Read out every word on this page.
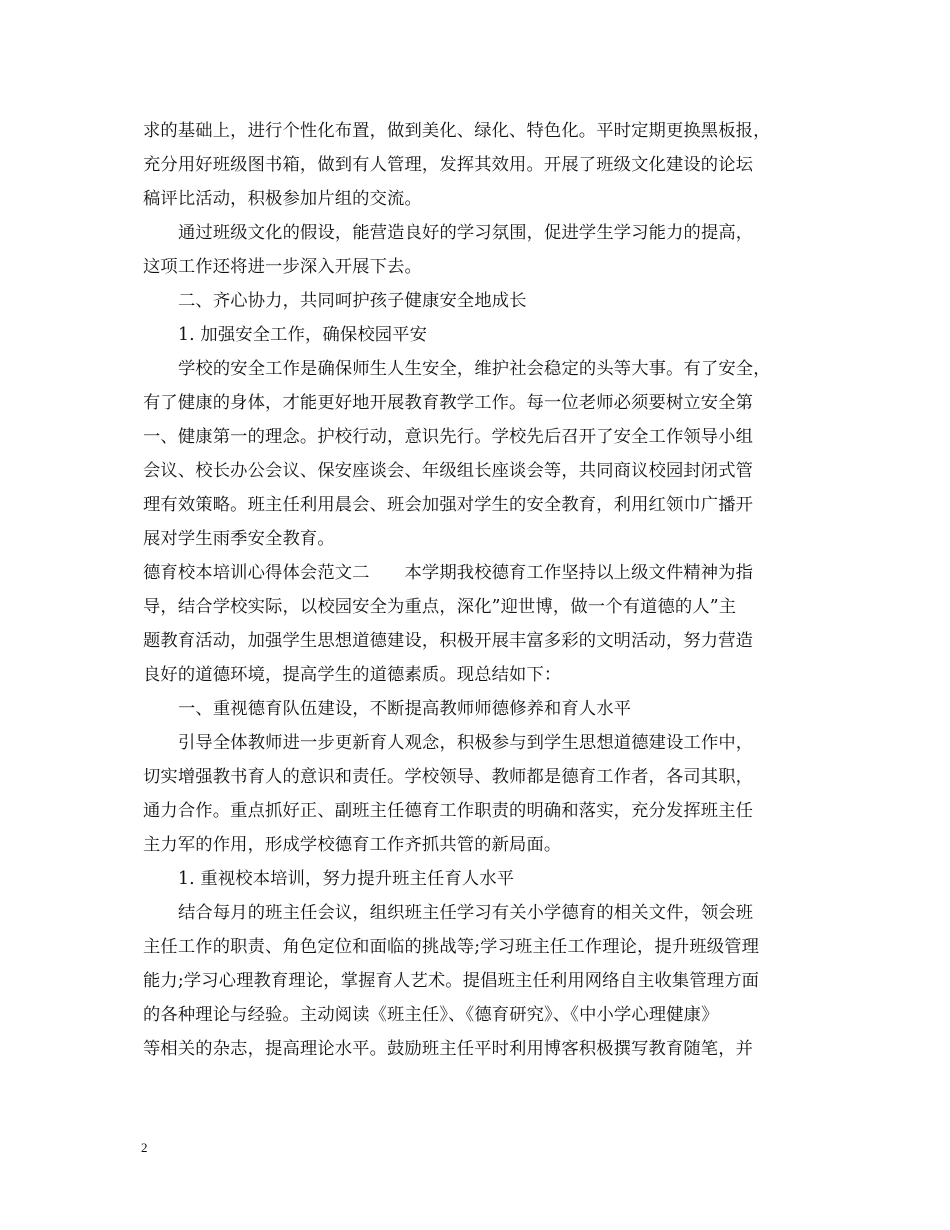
求的基础上，进行个性化布置，做到美化、绿化、特色化。平时定期更换黑板报，
充分用好班级图书箱，做到有人管理，发挥其效用。开展了班级文化建设的论坛
稿评比活动，积极参加片组的交流。
通过班级文化的假设，能营造良好的学习氛围，促进学生学习能力的提高，
这项工作还将进一步深入开展下去。
二、齐心协力，共同呵护孩子健康安全地成长
1. 加强安全工作，确保校园平安
学校的安全工作是确保师生人生安全，维护社会稳定的头等大事。有了安全，
有了健康的身体，才能更好地开展教育教学工作。每一位老师必须要树立安全第
一、健康第一的理念。护校行动，意识先行。学校先后召开了安全工作领导小组
会议、校长办公会议、保安座谈会、年级组长座谈会等，共同商议校园封闭式管
理有效策略。班主任利用晨会、班会加强对学生的安全教育，利用红领巾广播开
展对学生雨季安全教育。
德育校本培训心得体会范文二　　本学期我校德育工作坚持以上级文件精神为指
导，结合学校实际，以校园安全为重点，深化”迎世博，做一个有道德的人”主
题教育活动，加强学生思想道德建设，积极开展丰富多彩的文明活动，努力营造
良好的道德环境，提高学生的道德素质。现总结如下：
一、重视德育队伍建设，不断提高教师师德修养和育人水平
引导全体教师进一步更新育人观念，积极参与到学生思想道德建设工作中，
切实增强教书育人的意识和责任。学校领导、教师都是德育工作者，各司其职，
通力合作。重点抓好正、副班主任德育工作职责的明确和落实，充分发挥班主任
主力军的作用，形成学校德育工作齐抓共管的新局面。
1. 重视校本培训，努力提升班主任育人水平
结合每月的班主任会议，组织班主任学习有关小学德育的相关文件，领会班
主任工作的职责、角色定位和面临的挑战等;学习班主任工作理论，提升班级管理
能力;学习心理教育理论，掌握育人艺术。提倡班主任利用网络自主收集管理方面
的各种理论与经验。主动阅读《班主任》、《德育研究》、《中小学心理健康》
等相关的杂志，提高理论水平。鼓励班主任平时利用博客积极撰写教育随笔，并
2
